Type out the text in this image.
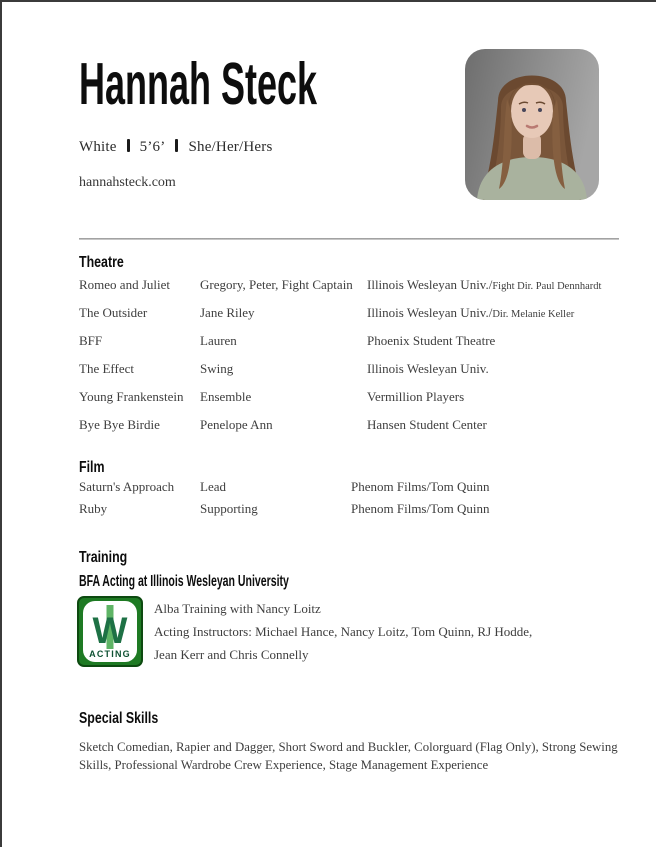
Hannah Steck
White 5’6’ She/Her/Hers
hannahsteck.com
Theatre
Romeo and Juliet	Gregory, Peter, Fight Captain	Illinois Wesleyan Univ./Fight Dir. Paul Dennhardt
The Outsider	Jane Riley	Illinois Wesleyan Univ./Dir. Melanie Keller
BFF	Lauren	Phoenix Student Theatre
The Effect	Swing	Illinois Wesleyan Univ.
Young Frankenstein	Ensemble	Vermillion Players
Bye Bye Birdie	Penelope Ann	Hansen Student Center
Film
Saturn's Approach	Lead	Phenom Films/Tom Quinn
Ruby	Supporting	Phenom Films/Tom Quinn
Training
BFA Acting at Illinois Wesleyan University
W
ACTING
Alba Training with Nancy Loitz
Acting Instructors: Michael Hance, Nancy Loitz, Tom Quinn, RJ Hodde,
Jean Kerr and Chris Connelly
Special Skills
Sketch Comedian, Rapier and Dagger, Short Sword and Buckler, Colorguard (Flag Only), Strong Sewing Skills, Professional Wardrobe Crew Experience, Stage Management Experience
